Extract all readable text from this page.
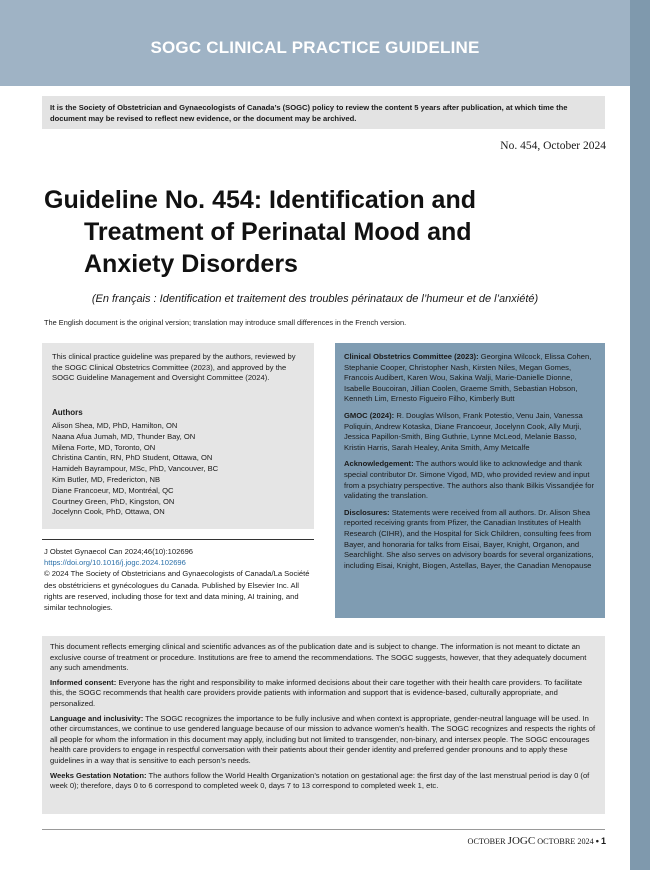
SOGC CLINICAL PRACTICE GUIDELINE
It is the Society of Obstetrician and Gynaecologists of Canada’s (SOGC) policy to review the content 5 years after publication, at which time the document may be revised to reflect new evidence, or the document may be archived.
No. 454, October 2024
Guideline No. 454: Identification and
Treatment of Perinatal Mood and
Anxiety Disorders
(En français : Identification et traitement des troubles périnataux de l’humeur et de l’anxiété)
The English document is the original version; translation may introduce small differences in the French version.
This clinical practice guideline was prepared by the authors, reviewed by the SOGC Clinical Obstetrics Committee (2023), and approved by the SOGC Guideline Management and Oversight Committee (2024).
Authors
Alison Shea, MD, PhD, Hamilton, ON
Naana Afua Jumah, MD, Thunder Bay, ON
Milena Forte, MD, Toronto, ON
Christina Cantin, RN, PhD Student, Ottawa, ON
Hamideh Bayrampour, MSc, PhD, Vancouver, BC
Kim Butler, MD, Fredericton, NB
Diane Francoeur, MD, Montréal, QC
Courtney Green, PhD, Kingston, ON
Jocelynn Cook, PhD, Ottawa, ON
J Obstet Gynaecol Can 2024;46(10):102696
https://doi.org/10.1016/j.jogc.2024.102696
© 2024 The Society of Obstetricians and Gynaecologists of Canada/La Société des obstétriciens et gynécologues du Canada. Published by Elsevier Inc. All rights are reserved, including those for text and data mining, AI training, and similar technologies.

Clinical Obstetrics Committee (2023): Georgina Wilcock, Elissa Cohen, Stephanie Cooper, Christopher Nash, Kirsten Niles, Megan Gomes, Francois Audibert, Karen Wou, Sakina Walji, Marie-Danielle Dionne, Isabelle Boucoiran, Jillian Coolen, Graeme Smith, Sebastian Hobson, Kenneth Lim, Ernesto Figueiro Filho, Kimberly Butt

GMOC (2024): R. Douglas Wilson, Frank Potestio, Venu Jain, Vanessa Poliquin, Andrew Kotaska, Diane Francoeur, Jocelynn Cook, Ally Murji, Jessica Papillon-Smith, Bing Guthrie, Lynne McLeod, Melanie Basso, Kristin Harris, Sarah Healey, Anita Smith, Amy Metcalfe

Acknowledgement: The authors would like to acknowledge and thank special contributor Dr. Simone Vigod, MD, who provided review and input from a psychiatry perspective. The authors also thank Bilkis Vissandjée for validating the translation.

Disclosures: Statements were received from all authors. Dr. Alison Shea reported receiving grants from Pfizer, the Canadian Institutes of Health Research (CIHR), and the Hospital for Sick Children, consulting fees from Bayer, and honoraria for talks from Eisai, Bayer, Knight, Organon, and Searchlight. She also serves on advisory boards for several organizations, including Eisai, Knight, Biogen, Astellas, Bayer, the Canadian Menopause

This document reflects emerging clinical and scientific advances as of the publication date and is subject to change. The information is not meant to dictate an exclusive course of treatment or procedure. Institutions are free to amend the recommendations. The SOGC suggests, however, that they adequately document any such amendments.

Informed consent: Everyone has the right and responsibility to make informed decisions about their care together with their health care providers. To facilitate this, the SOGC recommends that health care providers provide patients with information and support that is evidence-based, culturally appropriate, and personalized.

Language and inclusivity: The SOGC recognizes the importance to be fully inclusive and when context is appropriate, gender-neutral language will be used. In other circumstances, we continue to use gendered language because of our mission to advance women’s health. The SOGC recognizes and respects the rights of all people for whom the information in this document may apply, including but not limited to transgender, non-binary, and intersex people. The SOGC encourages health care providers to engage in respectful conversation with their patients about their gender identity and preferred gender pronouns and to apply these guidelines in a way that is sensitive to each person’s needs.

Weeks Gestation Notation: The authors follow the World Health Organization’s notation on gestational age: the first day of the last menstrual period is day 0 (of week 0); therefore, days 0 to 6 correspond to completed week 0, days 7 to 13 correspond to completed week 1, etc.

OCTOBER JOGC OCTOBRE 2024 • 1
